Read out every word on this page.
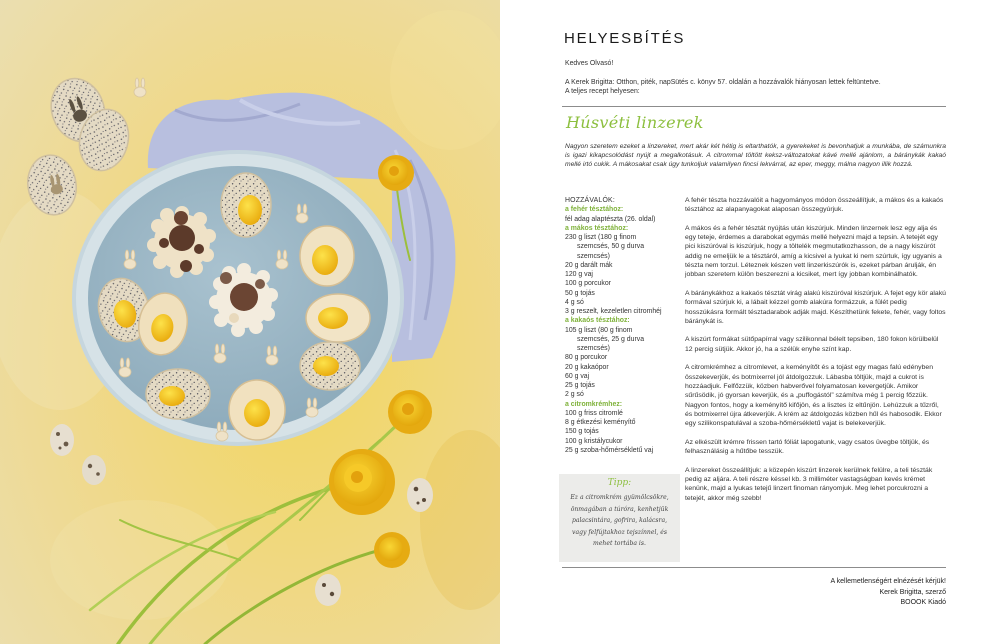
HELYESBÍTÉS
Kedves Olvasó!
A Kerek Brigitta: Otthon, piték, napSütés c. könyv 57. oldalán a hozzávalók hiányosan lettek feltüntetve.
A teljes recept helyesen:
Húsvéti linzerek
Nagyon szeretem ezeket a linzereket, mert akár két hétig is eltarthatók, a gyerekeket is bevonhatjuk a munkába, de számunkra is igazi kikapcsolódást nyújt a megalkotásuk. A citrommal töltött keksz-változatokat kávé mellé ajánlom, a báránykák kakaó mellé irtó cukik. A mákosakat csak úgy tunkoljuk valamilyen fincsi lekvárral, az eper, meggy, málna nagyon illik hozzá.
HOZZÁVALÓK:
a fehér tésztához:
fél adag alaptészta (26. oldal)
a mákos tésztához:
230 g liszt (180 g finom
szemcsés, 50 g durva
szemcsés)
20 g darált mák
120 g vaj
100 g porcukor
50 g tojás
4 g só
3 g reszelt, kezeletlen citromhéj
a kakaós tésztához:
105 g liszt (80 g finom
szemcsés, 25 g durva
szemcsés)
80 g porcukor
20 g kakaópor
60 g vaj
25 g tojás
2 g só
a citromkrémhez:
100 g friss citromlé
8 g étkezési keményítő
150 g tojás
100 g kristálycukor
25 g szoba-hőmérsékletű vaj
A fehér tészta hozzávalóit a hagyományos módon összeállítjuk, a mákos és a kakaós tésztához az alapanyagokat alaposan összegyúrjuk.
A mákos és a fehér tésztát nyújtás után kiszúrjuk. Minden linzernek lesz egy alja és egy teteje, érdemes a darabokat egymás mellé helyezni majd a tepsin. A tetejét egy pici kiszúróval is kiszúrjuk, hogy a töltelék megmutatkozhasson, de a nagy kiszúrót addig ne emeljük le a tésztáról, amíg a kicsivel a lyukat ki nem szúrtuk, így ugyanis a tészta nem torzul. Léteznek készen vett linzerkiszúrók is, ezeket párban árulják, én jobban szeretem külön beszerezni a kicsiket, mert így jobban kombinálhatók.
A báránykákhoz a kakaós tésztát virág alakú kiszúróval kiszúrjuk. A fejet egy kör alakú formával szúrjuk ki, a lábait kézzel gomb alakúra formázzuk, a fülét pedig hosszúkásra formált tésztadarabok adják majd. Készíthetünk fekete, fehér, vagy foltos báránykát is.
A kiszúrt formákat sütőpapírral vagy szilikonnal bélelt tepsiben, 180 fokon körülbelül 12 percig sütjük. Akkor jó, ha a szélük enyhe színt kap.
A citromkrémhez a citromlevet, a keményítőt és a tojást egy magas falú edényben összekeverjük, és botmixerrel jól átdolgozzuk. Lábasba töltjük, majd a cukrot is hozzáadjuk. Felfőzzük, közben habverővel folyamatosan kevergetjük. Amikor sűrűsödik, jó gyorsan keverjük, és a „puffogástól” számítva még 1 percig főzzük. Nagyon fontos, hogy a keményítő kifőjön, és a lisztes íz eltűnjön. Lehúzzuk a tűzről, és botmixerrel újra átkeverjük. A krém az átdolgozás közben hűl és habosodik. Ekkor egy szilikonspatulával a szoba-hőmérsékletű vajat is belekeverjük.
Az elkészült krémre frissen tartó fóliát lapogatunk, vagy csatos üvegbe töltjük, és felhasználásig a hűtőbe tesszük.
A linzereket összeállítjuk: a közepén kiszúrt linzerek kerülnek felülre, a teli tészták pedig az aljára. A teli részre késsel kb. 3 milliméter vastagságban kevés krémet kenünk, majd a lyukas tetejű linzert finoman rányomjuk. Meg lehet porcukrozni a tetejét, akkor még szebb!
Tipp:
Ez a citromkrém gyümölcsökre,
önmagában a túróra, kenhetjük
palacsintára, gofrira, kalácsra,
vagy felfújtakhoz tejszínnel, és
mehet tortába is.
A kellemetlenségért elnézését kérjük!
Kerek Brigitta, szerző
BOOOK Kiadó
